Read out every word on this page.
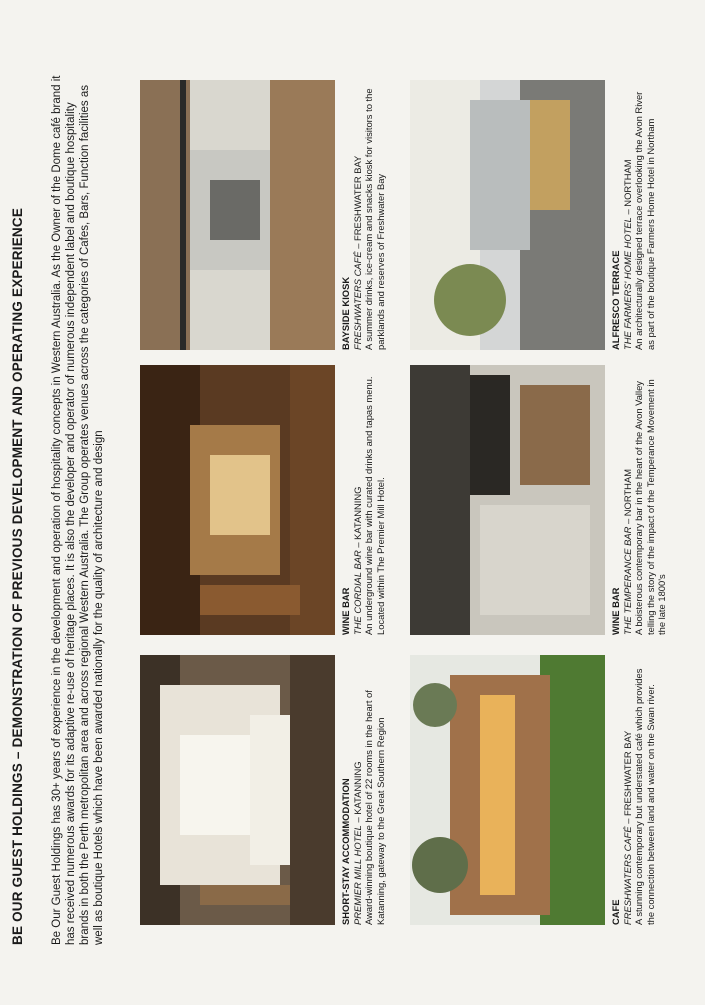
BE OUR GUEST HOLDINGS – DEMONSTRATION OF PREVIOUS DEVELOPMENT AND OPERATING EXPERIENCE Be Our Guest Holdings has 30+ years of experience in the development and operation of hospitality concepts in Western Australia. As the Owner of the Dome café brand it has received numerous awards for its adaptive re-use of heritage places. It is also the developer and operator of numerous independent label and boutique hospitality brands in both the Perth metropolitan area and across regional Western Australia. The Group operates venues across the categories of Cafes, Bars, Function facilities as well as boutique Hotels which have been awarded nationally for the quality of architecture and design	SHORT-STAY ACCOMMODATION PREMIER MILL HOTEL – KATANNING Award-winning boutique hotel of 22 rooms in the heart of Katanning, gateway to the Great Southern Region
WINE BAR THE CORDIAL BAR – KATANNING An underground wine bar with curated drinks and tapas menu. Located within The Premier Mill Hotel.
BAYSIDE KIOSK FRESHWATERS CAFÉ – FRESHWATER BAY A summer drinks, ice-cream and snacks kiosk for visitors to the parklands and reserves of Freshwater Bay
CAFE FRESHWATERS CAFÉ – FRESHWATER BAY A stunning contemporary but understated café which provides the connection between land and water on the Swan river.
WINE BAR THE TEMPERANCE BAR – NORTHAM A boisterous contemporary bar in the heart of the Avon Valley telling the story of the impact of the Temperance Movement in the late 1800's
ALFRESCO TERRACE THE FARMERS' HOME HOTEL – NORTHAM An architecturally designed terrace overlooking the Avon River as part of the boutique Farmers Home Hotel in Northam
